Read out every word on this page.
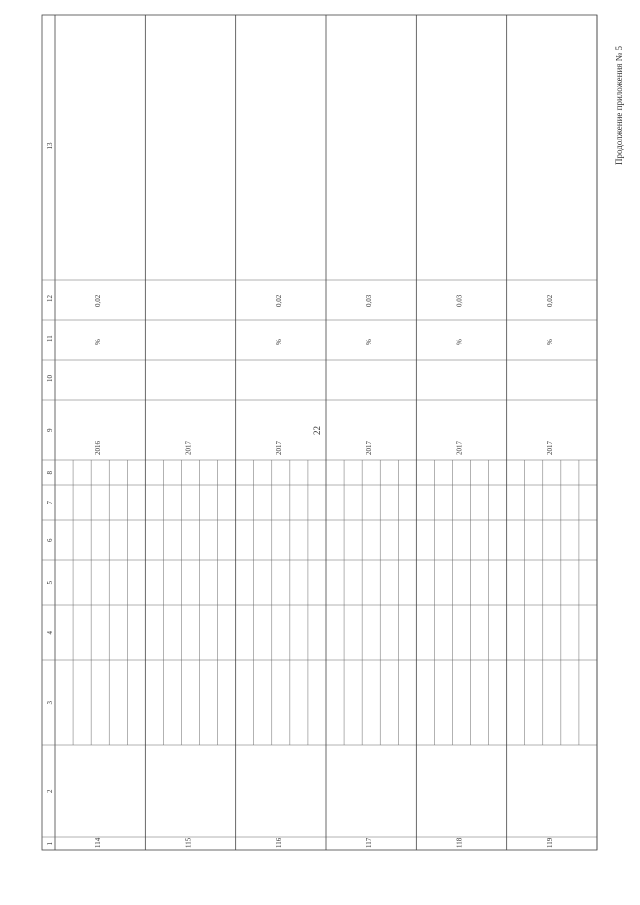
Продолжение приложения № 5
22
1
2
3
4
5
6
7
8
9
10
11
12
13
114
2016
%
0,02
115
2017
116
2017
%
0,02
117
2017
%
0,03
118
2017
%
0,03
119
2017
%
0,02
